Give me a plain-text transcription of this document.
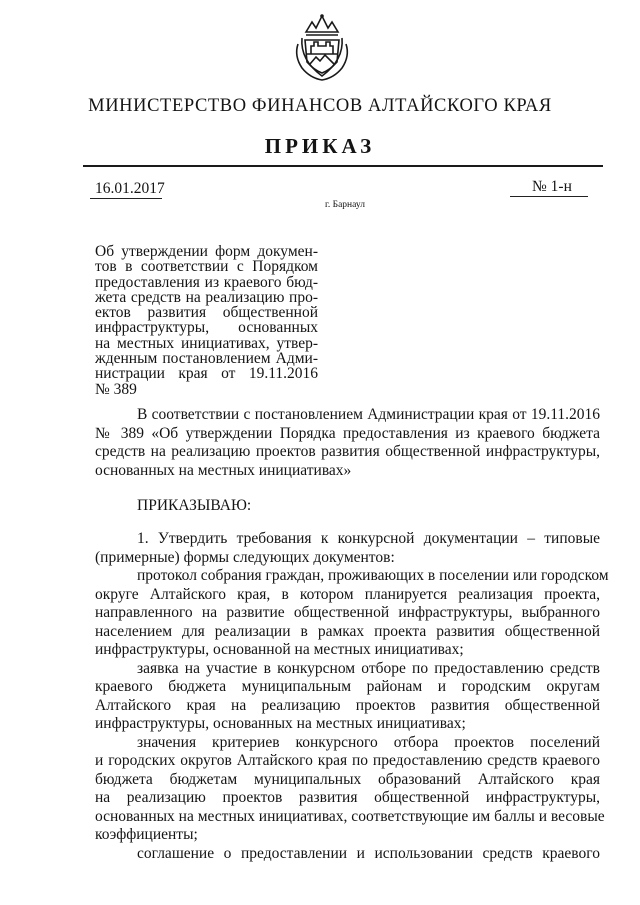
МИНИСТЕРСТВО ФИНАНСОВ АЛТАЙСКОГО КРАЯ
ПРИКАЗ
16.01.2017	№ 1-н
г. Барнаул
Об утверждении форм докумен-
тов в соответствии с Порядком
предоставления из краевого бюд-
жета средств на реализацию про-
ектов развития общественной
инфраструктуры, основанных
на местных инициативах, утвер-
жденным постановлением Адми-
нистрации края от 19.11.2016
№ 389
В соответствии с постановлением Администрации края от 19.11.2016
№ 389 «Об утверждении Порядка предоставления из краевого бюджета
средств на реализацию проектов развития общественной инфраструктуры,
основанных на местных инициативах»
ПРИКАЗЫВАЮ:
1. Утвердить требования к конкурсной документации – типовые
(примерные) формы следующих документов:
протокол собрания граждан, проживающих в поселении или городском
округе Алтайского края, в котором планируется реализация проекта,
направленного на развитие общественной инфраструктуры, выбранного
населением для реализации в рамках проекта развития общественной
инфраструктуры, основанной на местных инициативах;
заявка на участие в конкурсном отборе по предоставлению средств
краевого бюджета муниципальным районам и городским округам
Алтайского края на реализацию проектов развития общественной
инфраструктуры, основанных на местных инициативах;
значения критериев конкурсного отбора проектов поселений
и городских округов Алтайского края по предоставлению средств краевого
бюджета бюджетам муниципальных образований Алтайского края
на реализацию проектов развития общественной инфраструктуры,
основанных на местных инициативах, соответствующие им баллы и весовые
коэффициенты;
соглашение о предоставлении и использовании средств краевого
